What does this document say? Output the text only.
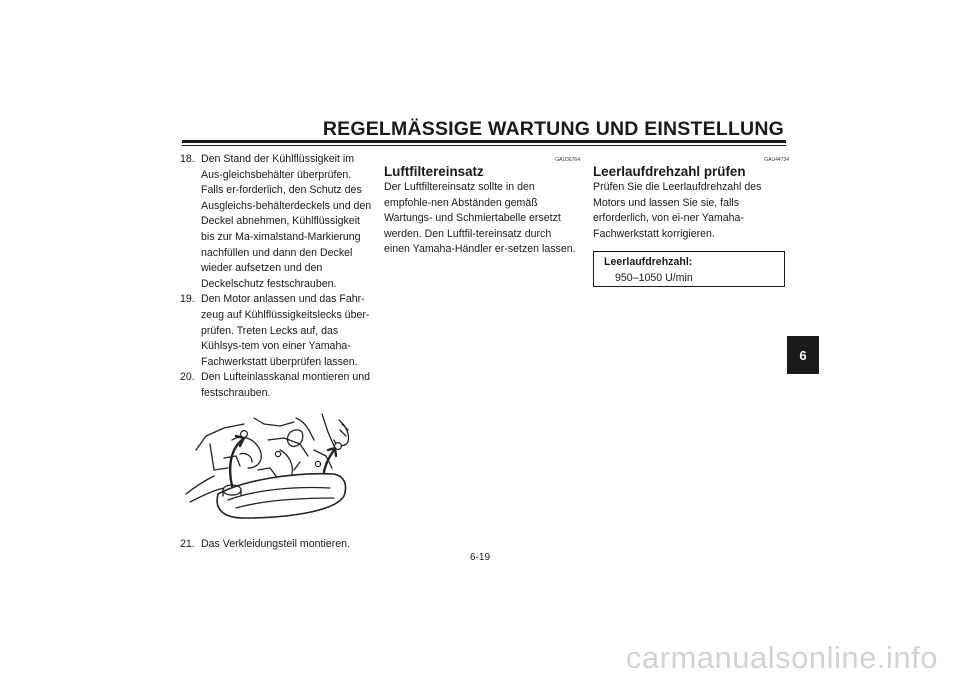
REGELMÄSSIGE WARTUNG UND EINSTELLUNG
18. Den Stand der Kühlflüssigkeit im Aus-gleichsbehälter überprüfen. Falls er-forderlich, den Schutz des Ausgleichs-behälterdeckels und den Deckel abnehmen, Kühlflüssigkeit bis zur Ma-ximalstand-Markierung nachfüllen und dann den Deckel wieder aufsetzen und den Deckelschutz festschrauben.
19. Den Motor anlassen und das Fahr-zeug auf Kühlflüssigkeitslecks über-prüfen. Treten Lecks auf, das Kühlsys-tem von einer Yamaha-Fachwerkstatt überprüfen lassen.
20. Den Lufteinlasskanal montieren und festschrauben.
21. Das Verkleidungsteil montieren.
GAU36764
Luftfiltereinsatz
Der Luftfiltereinsatz sollte in den empfohle-nen Abständen gemäß Wartungs- und Schmiertabelle ersetzt werden. Den Luftfil-tereinsatz durch einen Yamaha-Händler er-setzen lassen.
GAU44734
Leerlaufdrehzahl prüfen
Prüfen Sie die Leerlaufdrehzahl des Motors und lassen Sie sie, falls erforderlich, von ei-ner Yamaha-Fachwerkstatt korrigieren.
Leerlaufdrehzahl:
950–1050 U/min
6
6-19
carmanualsonline.info
